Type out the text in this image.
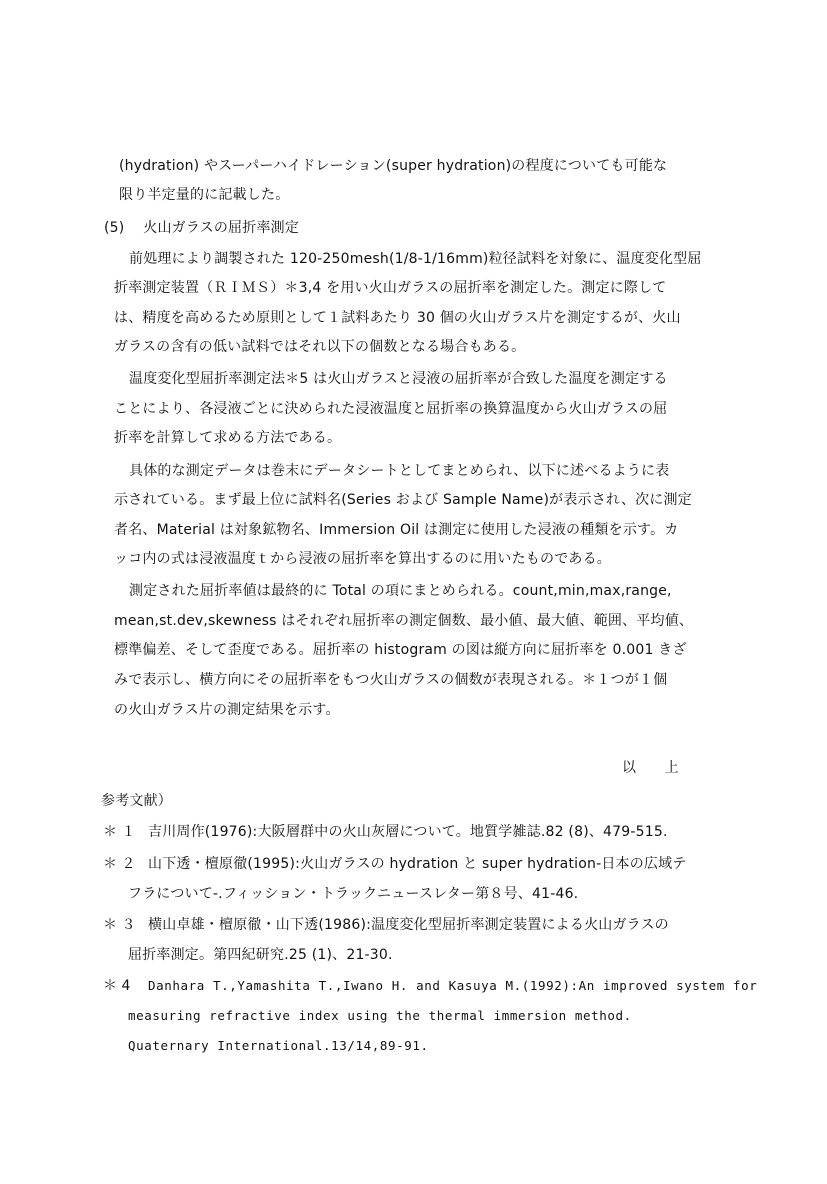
(hydration) やスーパーハイドレーション(super hydration)の程度についても可能な
限り半定量的に記載した。
(5)　 火山ガラスの屈折率測定
前処理により調製された 120-250mesh(1/8-1/16mm)粒径試料を対象に、温度変化型屈
折率測定装置（ＲＩＭＳ）＊3,4 を用い火山ガラスの屈折率を測定した。測定に際して
は、精度を高めるため原則として１試料あたり 30 個の火山ガラス片を測定するが、火山
ガラスの含有の低い試料ではそれ以下の個数となる場合もある。
温度変化型屈折率測定法＊5 は火山ガラスと浸液の屈折率が合致した温度を測定する
ことにより、各浸液ごとに決められた浸液温度と屈折率の換算温度から火山ガラスの屈
折率を計算して求める方法である。
具体的な測定データは巻末にデータシートとしてまとめられ、以下に述べるように表
示されている。まず最上位に試料名(Series および Sample Name)が表示され、次に測定
者名、Material は対象鉱物名、Immersion Oil は測定に使用した浸液の種類を示す。カ
ッコ内の式は浸液温度ｔから浸液の屈折率を算出するのに用いたものである。
測定された屈折率値は最終的に Total の項にまとめられる。count,min,max,range,
mean,st.dev,skewness はそれぞれ屈折率の測定個数、最小値、最大値、範囲、平均値、
標準偏差、そして歪度である。屈折率の histogram の図は縦方向に屈折率を 0.001 きざ
みで表示し、横方向にその屈折率をもつ火山ガラスの個数が表現される。＊１つが１個
の火山ガラス片の測定結果を示す。
以　　上
参考文献）
＊ １ 吉川周作(1976):大阪層群中の火山灰層について。地質学雑誌.82 (8)、479-515.
＊ ２ 山下透・檀原徹(1995):火山ガラスの hydration と super hydration-日本の広域テ
フラについて-.フィッション・トラックニュースレター第８号、41-46.
＊ ３ 横山卓雄・檀原徹・山下透(1986):温度変化型屈折率測定装置による火山ガラスの
屈折率測定。第四紀研究.25 (1)、21-30.
＊ 4 Danhara T.,Yamashita T.,Iwano H. and Kasuya M.(1992):An improved system for
measuring refractive index using the thermal immersion method.
Quaternary International.13/14,89-91.
